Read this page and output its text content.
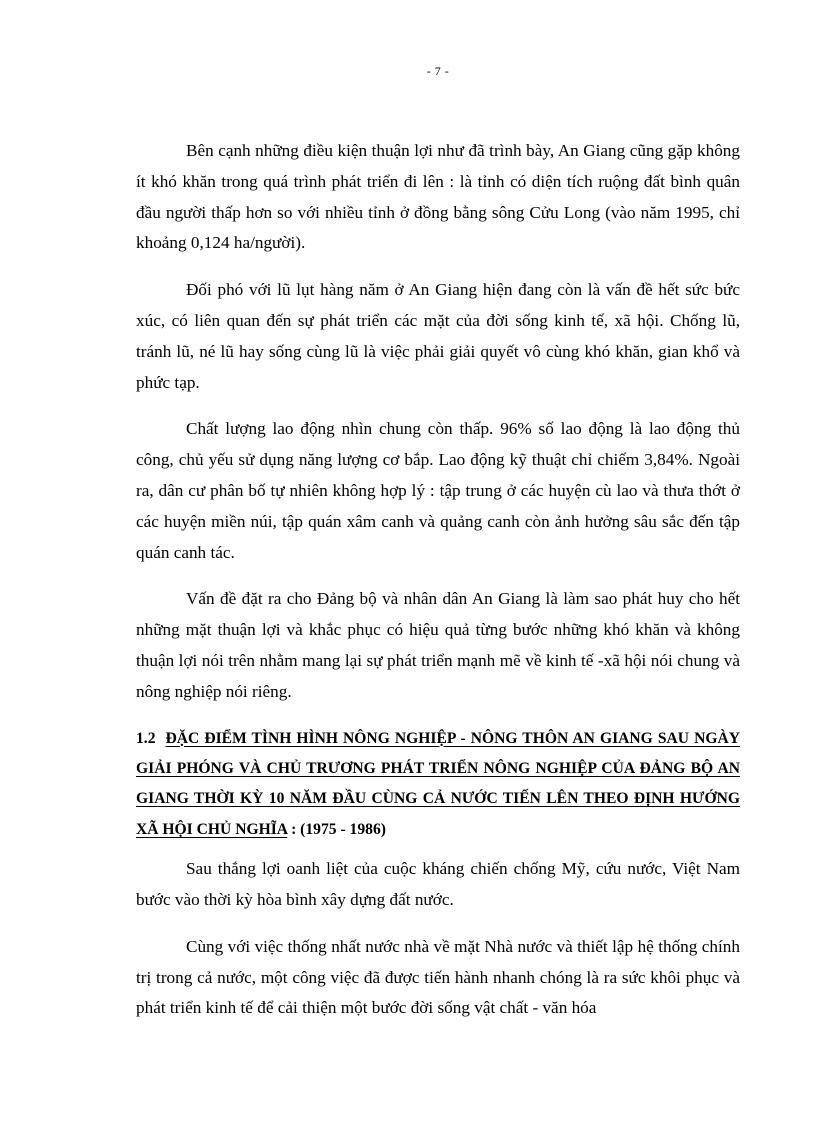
- 7 -

Bên cạnh những điều kiện thuận lợi như đã trình bày, An Giang cũng gặp không ít khó khăn trong quá trình phát triển đi lên : là tỉnh có diện tích ruộng đất bình quân đầu người thấp hơn so với nhiều tỉnh ở đồng bằng sông Cửu Long (vào năm 1995, chỉ khoảng 0,124 ha/người).

Đối phó với lũ lụt hàng năm ở An Giang hiện đang còn là vấn đề hết sức bức xúc, có liên quan đến sự phát triển các mặt của đời sống kinh tế, xã hội. Chống lũ, tránh lũ, né lũ hay sống cùng lũ là việc phải giải quyết vô cùng khó khăn, gian khổ và phức tạp.

Chất lượng lao động nhìn chung còn thấp. 96% số lao động là lao động thủ công, chủ yếu sử dụng năng lượng cơ bắp. Lao động kỹ thuật chỉ chiếm 3,84%. Ngoài ra, dân cư phân bố tự nhiên không hợp lý : tập trung ở các huyện cù lao và thưa thớt ở các huyện miền núi, tập quán xâm canh và quảng canh còn ảnh hưởng sâu sắc đến tập quán canh tác.

Vấn đề đặt ra cho Đảng bộ và nhân dân An Giang là làm sao phát huy cho hết những mặt thuận lợi và khắc phục có hiệu quả từng bước những khó khăn và không thuận lợi nói trên nhằm mang lại sự phát triển mạnh mẽ về kinh tế -xã hội nói chung và nông nghiệp nói riêng.

1.2 ĐẶC ĐIỂM TÌNH HÌNH NÔNG NGHIỆP - NÔNG THÔN AN GIANG SAU NGÀY GIẢI PHÓNG VÀ CHỦ TRƯƠNG PHÁT TRIỂN NÔNG NGHIỆP CỦA ĐẢNG BỘ AN GIANG THỜI KỲ 10 NĂM ĐẦU CÙNG CẢ NƯỚC TIẾN LÊN THEO ĐỊNH HƯỚNG XÃ HỘI CHỦ NGHĨA : (1975 - 1986)

Sau thắng lợi oanh liệt của cuộc kháng chiến chống Mỹ, cứu nước, Việt Nam bước vào thời kỳ hòa bình xây dựng đất nước.

Cùng với việc thống nhất nước nhà về mặt Nhà nước và thiết lập hệ thống chính trị trong cả nước, một công việc đã được tiến hành nhanh chóng là ra sức khôi phục và phát triển kinh tế để cải thiện một bước đời sống vật chất - văn hóa
